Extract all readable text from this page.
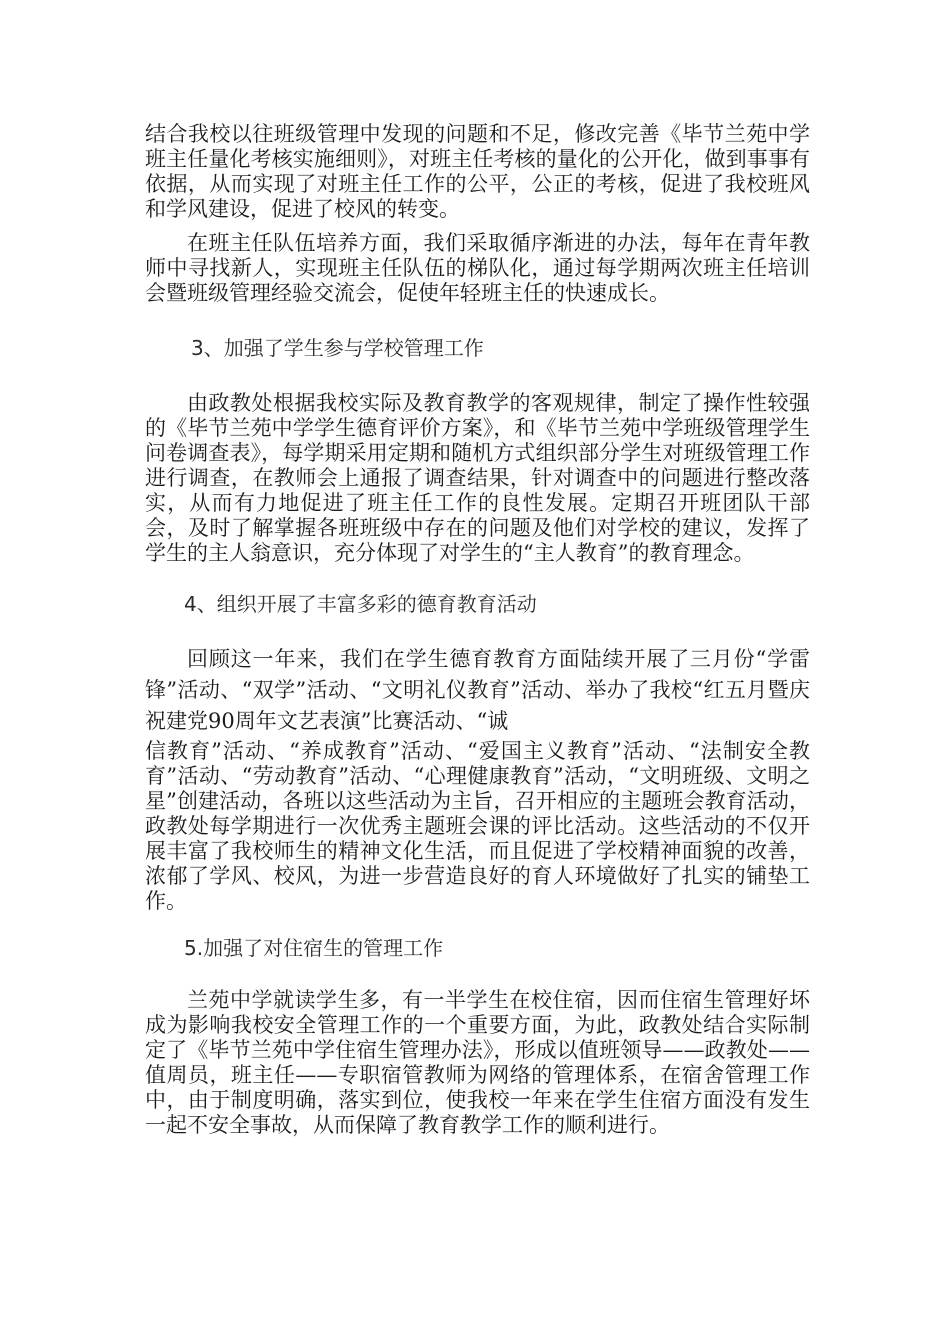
结合我校以往班级管理中发现的问题和不足，修改完善《毕节兰苑中学班主任量化考核实施细则》，对班主任考核的量化的公开化，做到事事有依据，从而实现了对班主任工作的公平，公正的考核，促进了我校班风和学风建设，促进了校风的转变。

在班主任队伍培养方面，我们采取循序渐进的办法，每年在青年教师中寻找新人，实现班主任队伍的梯队化，通过每学期两次班主任培训会暨班级管理经验交流会，促使年轻班主任的快速成长。

3、加强了学生参与学校管理工作

由政教处根据我校实际及教育教学的客观规律，制定了操作性较强的《毕节兰苑中学学生德育评价方案》，和《毕节兰苑中学班级管理学生问卷调查表》，每学期采用定期和随机方式组织部分学生对班级管理工作进行调查，在教师会上通报了调查结果，针对调查中的问题进行整改落实，从而有力地促进了班主任工作的良性发展。定期召开班团队干部会，及时了解掌握各班班级中存在的问题及他们对学校的建议，发挥了学生的主人翁意识，充分体现了对学生的“主人教育”的教育理念。

4、组织开展了丰富多彩的德育教育活动

回顾这一年来，我们在学生德育教育方面陆续开展了三月份“学雷锋”活动、“双学”活动、“文明礼仪教育”活动、举办了我校“红五月暨庆祝建党90周年文艺表演”比赛活动、“诚

信教育”活动、“养成教育”活动、“爱国主义教育”活动、“法制安全教育”活动、“劳动教育”活动、“心理健康教育”活动，“文明班级、文明之星”创建活动，各班以这些活动为主旨，召开相应的主题班会教育活动，政教处每学期进行一次优秀主题班会课的评比活动。这些活动的不仅开展丰富了我校师生的精神文化生活，而且促进了学校精神面貌的改善，浓郁了学风、校风，为进一步营造良好的育人环境做好了扎实的铺垫工作。

5.加强了对住宿生的管理工作

兰苑中学就读学生多，有一半学生在校住宿，因而住宿生管理好坏成为影响我校安全管理工作的一个重要方面，为此，政教处结合实际制定了《毕节兰苑中学住宿生管理办法》，形成以值班领导——政教处——值周员，班主任——专职宿管教师为网络的管理体系，在宿舍管理工作中，由于制度明确，落实到位，使我校一年来在学生住宿方面没有发生一起不安全事故，从而保障了教育教学工作的顺利进行。
